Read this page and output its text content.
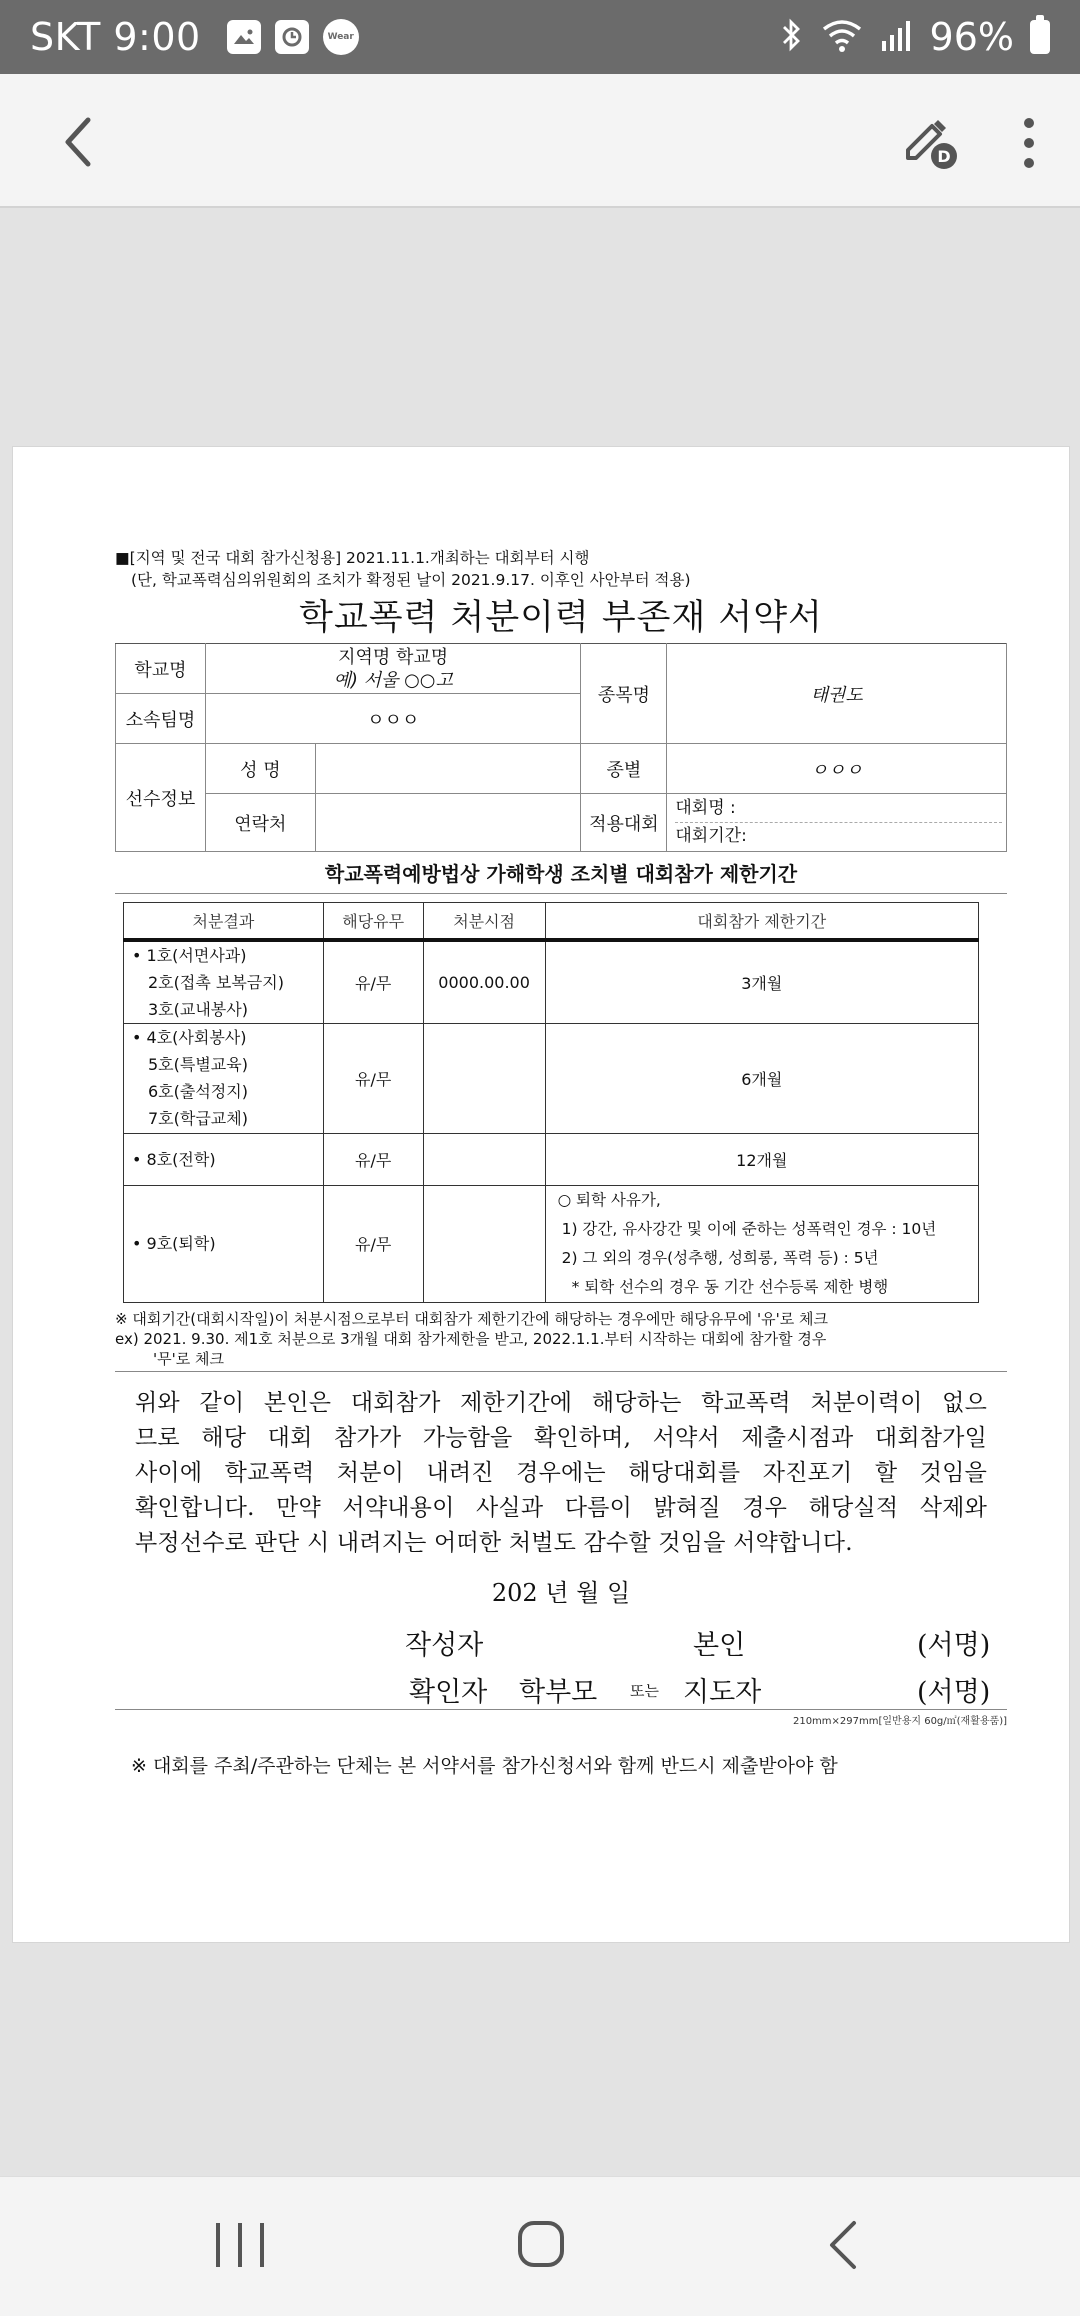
SKT 9:00	Wear	96%
D
■[지역 및 전국 대회 참가신청용] 2021.11.1.개최하는 대회부터 시행
(단, 학교폭력심의위원회의 조치가 확정된 날이 2021.9.17. 이후인 사안부터 적용)
학교폭력 처분이력 부존재 서약서
학교명	지역명 학교명
예) 서울 ○○고		종목명	태권도
소속팀명	ㅇㅇㅇ			
선수정보	성 명		종별	ㅇㅇㅇ
	연락처		적용대회	대회명 :
대회기간:
학교폭력예방법상 가해학생 조치별 대회참가 제한기간
처분결과	해당유무	처분시점	대회참가 제한기간

• 1호(서면사과)
2호(접촉 보복금지)
3호(교내봉사)	유/무	0000.00.00	3개월

• 4호(사회봉사)
5호(특별교육)
6호(출석정지)
7호(학급교체)	유/무		6개월

• 8호(전학)	유/무		12개월

• 9호(퇴학)	유/무		○ 퇴학 사유가,
1) 강간, 유사강간 및 이에 준하는 성폭력인 경우 : 10년
2) 그 외의 경우(성추행, 성희롱, 폭력 등) : 5년
* 퇴학 선수의 경우 동 기간 선수등록 제한 병행
※ 대회기간(대회시작일)이 처분시점으로부터 대회참가 제한기간에 해당하는 경우에만 해당유무에 '유'로 체크
ex) 2021. 9.30. 제1호 처분으로 3개월 대회 참가제한을 받고, 2022.1.1.부터 시작하는 대회에 참가할 경우
'무'로 체크
위와 같이 본인은 대회참가 제한기간에 해당하는 학교폭력 처분이력이 없으
므로 해당 대회 참가가 가능함을 확인하며, 서약서 제출시점과 대회참가일
사이에 학교폭력 처분이 내려진 경우에는 해당대회를 자진포기 할 것임을
확인합니다. 만약 서약내용이 사실과 다름이 밝혀질 경우 해당실적 삭제와
부정선수로 판단 시 내려지는 어떠한 처벌도 감수할 것임을 서약합니다.
202 년 월 일
작성자	본인	(서명)
확인자 학부모 또는 지도자	(서명)
210mm×297mm[일반용지 60g/㎡(재활용품)]
※ 대회를 주최/주관하는 단체는 본 서약서를 참가신청서와 함께 반드시 제출받아야 함
